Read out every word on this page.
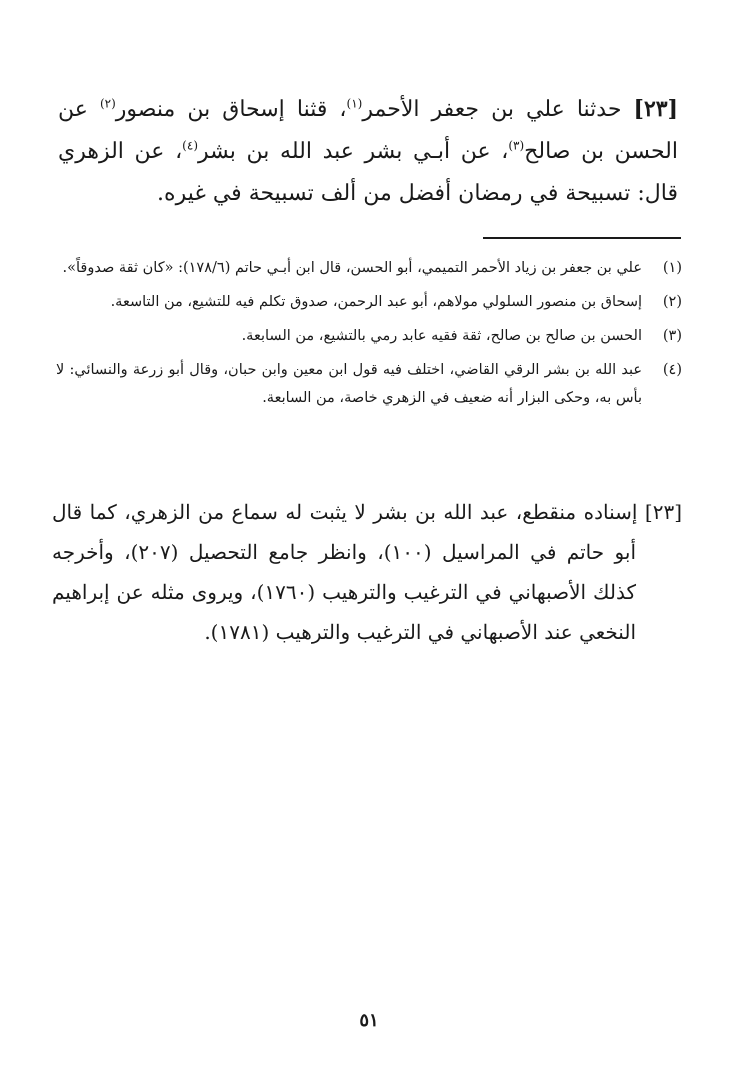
[٢٣] حدثنا علي بن جعفر الأحمر$^{(١)}$، قثنا إسحاق بن منصور$^{(٢)}$ عن الحسن بن صالح$^{(٣)}$، عن أبـي بشر عبد الله بن بشر$^{(٤)}$، عن الزهري قال: تسبيحة في رمضان أفضل من ألف تسبيحة في غيره.

(١)
علي بن جعفر بن زياد الأحمر التميمي، أبو الحسن، قال ابن أبـي حاتم (١٧٨/٦): «كان ثقة صدوقاً».
(٢)
إسحاق بن منصور السلولي مولاهم، أبو عبد الرحمن، صدوق تكلم فيه للتشيع، من التاسعة.
(٣)
الحسن بن صالح بن صالح، ثقة فقيه عابد رمي بالتشيع، من السابعة.
(٤)
عبد الله بن بشر الرقي القاضي، اختلف فيه قول ابن معين وابن حبان، وقال أبو زرعة والنسائي: لا بأس به، وحكى البزار أنه ضعيف في الزهري خاصة، من السابعة.

[٢٣] إسناده منقطع، عبد الله بن بشر لا يثبت له سماع من الزهري، كما قال أبو حاتم في المراسيل (١٠٠)، وانظر جامع التحصيل (٢٠٧)، وأخرجه كذلك الأصبهاني في الترغيب والترهيب (١٧٦٠)، ويروى مثله عن إبراهيم النخعي عند الأصبهاني في الترغيب والترهيب (١٧٨١).

٥١
